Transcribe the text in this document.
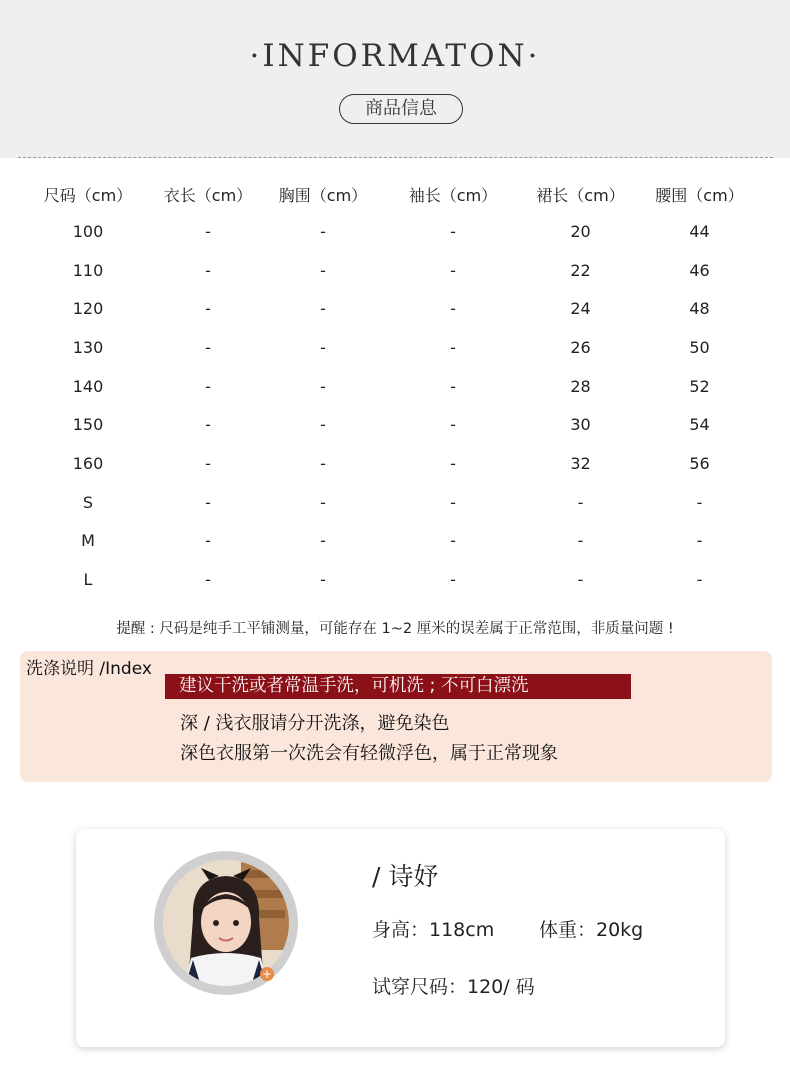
·INFORMATON·
商品信息
尺码（cm）	衣长（cm）	胸围（cm）	袖长（cm）	裙长（cm）	腰围（cm）
100	-	-	-	20	44
110	-	-	-	22	46
120	-	-	-	24	48
130	-	-	-	26	50
140	-	-	-	28	52
150	-	-	-	30	54
160	-	-	-	32	56
S	-	-	-	-	-
M	-	-	-	-	-
L	-	-	-	-	-
提醒 : 尺码是纯手工平铺测量，可能存在 1~2 厘米的误差属于正常范围，非质量问题 !
洗涤说明 /Index
建议干洗或者常温手洗，可机洗 ; 不可白漂洗
深 / 浅衣服请分开洗涤，避免染色
深色衣服第一次洗会有轻微浮色，属于正常现象
+
/ 诗妤
身高：118cm 体重：20kg
试穿尺码：120/ 码
